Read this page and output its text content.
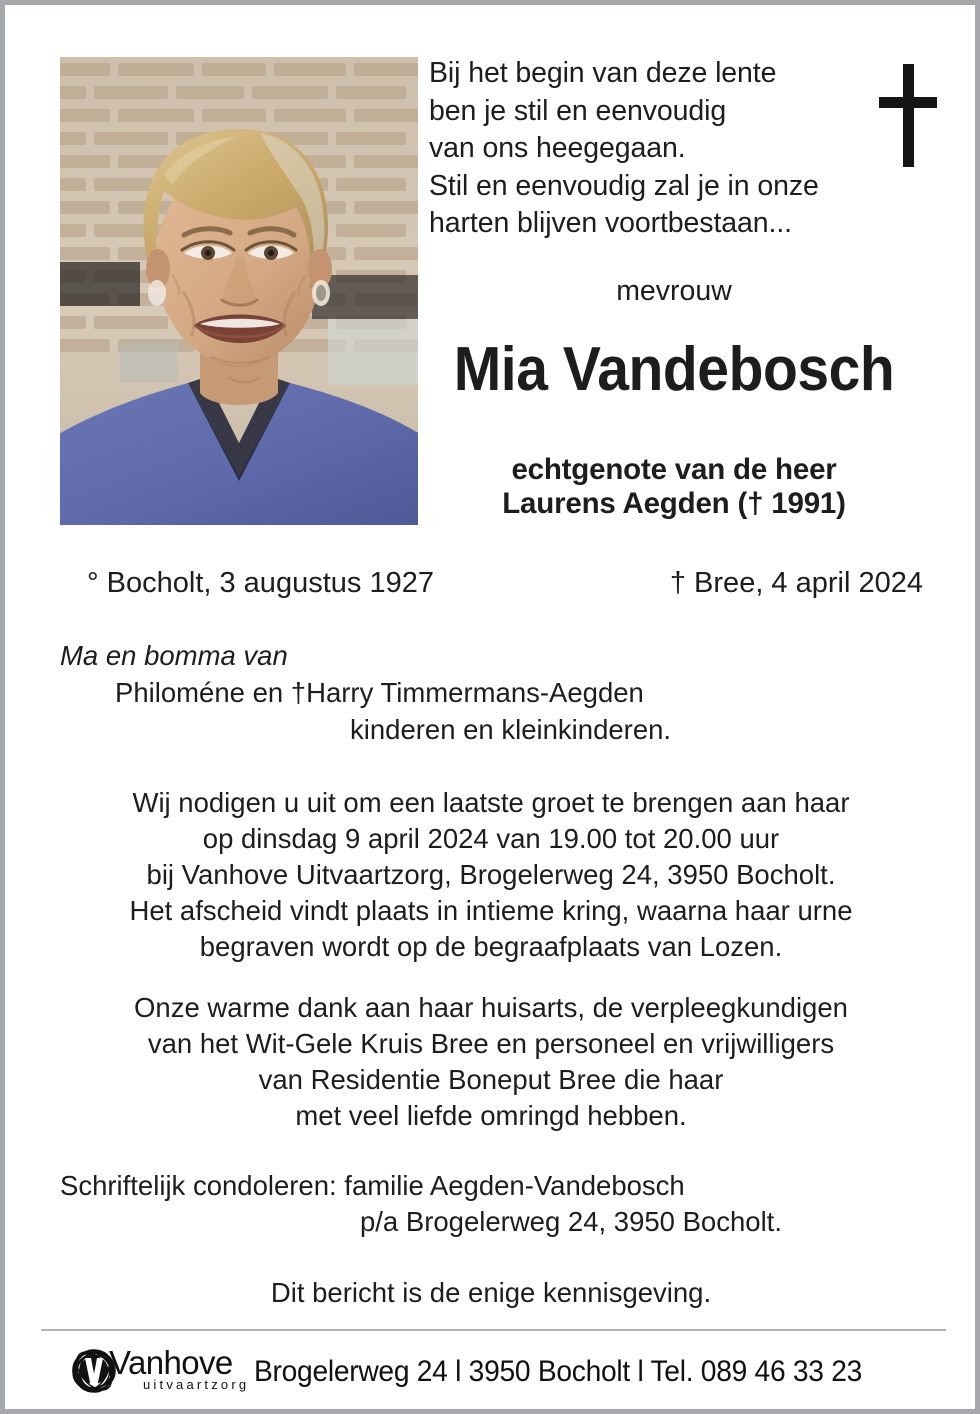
Bij het begin van deze lente
ben je stil en eenvoudig
van ons heegegaan.
Stil en eenvoudig zal je in onze
harten blijven voortbestaan...
mevrouw
Mia Vandebosch
echtgenote van de heer
Laurens Aegden († 1991)
° Bocholt, 3 augustus 1927	† Bree, 4 april 2024
Ma en bomma van
Philoméne en †Harry Timmermans-Aegden
kinderen en kleinkinderen.
Wij nodigen u uit om een laatste groet te brengen aan haar
op dinsdag 9 april 2024 van 19.00 tot 20.00 uur
bij Vanhove Uitvaartzorg, Brogelerweg 24, 3950 Bocholt.
Het afscheid vindt plaats in intieme kring, waarna haar urne
begraven wordt op de begraafplaats van Lozen.
Onze warme dank aan haar huisarts, de verpleegkundigen
van het Wit-Gele Kruis Bree en personeel en vrijwilligers
van Residentie Boneput Bree die haar
met veel liefde omringd hebben.
Schriftelijk condoleren: familie Aegden-Vandebosch
p/a Brogelerweg 24, 3950 Bocholt.
Dit bericht is de enige kennisgeving.
Vanhove
uitvaartzorg Brogelerweg 24 l 3950 Bocholt l Tel. 089 46 33 23
